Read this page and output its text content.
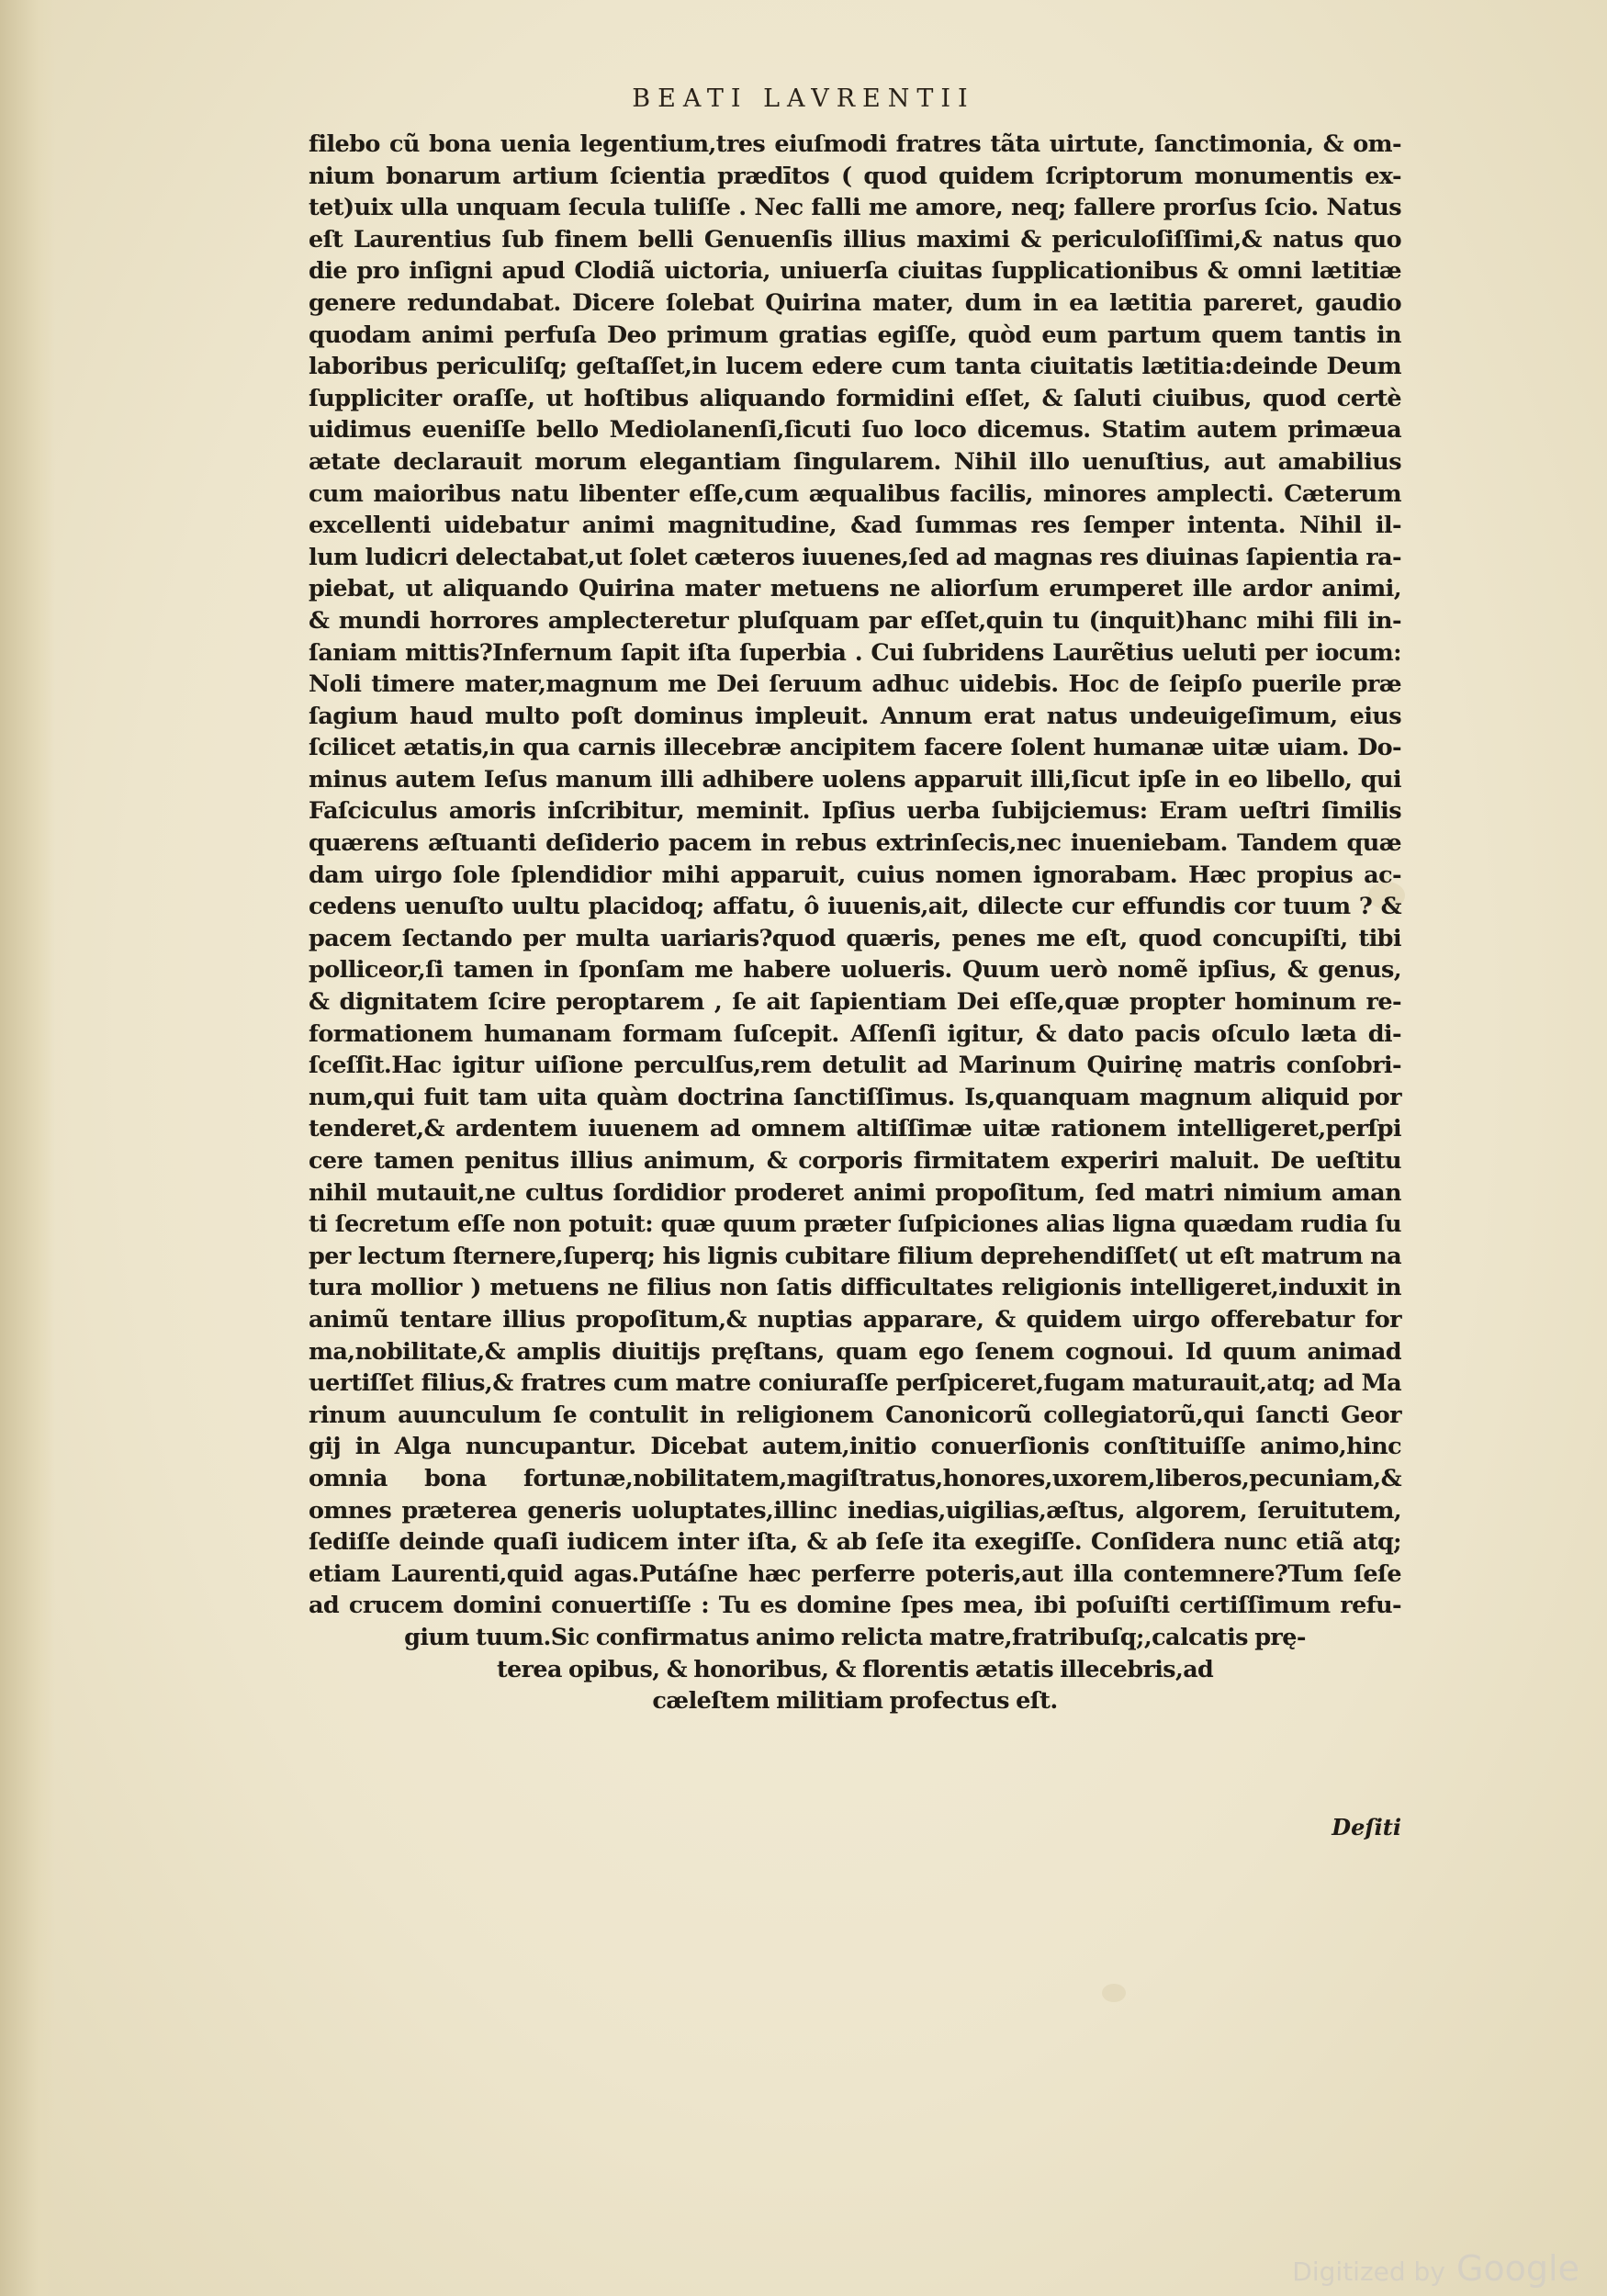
BEATI LAVRENTII
filebo cũ bona uenia legentium,tres eiuſmodi fratres tãta uirtute, ſanctimonia, & om-
nium bonarum artium ſcientia prædītos ( quod quidem ſcriptorum monumentis ex-
tet)uix ulla unquam ſecula tuliſſe . Nec falli me amore, neq; fallere prorſus ſcio. Natus
eſt Laurentius ſub finem belli Genuenſis illius maximi & periculoſiſſimi,& natus quo
die pro inſigni apud Clodiã uictoria, uniuerſa ciuitas ſupplicationibus & omni lætitiæ
genere redundabat. Dicere ſolebat Quirina mater, dum in ea lætitia pareret, gaudio
quodam animi perfuſa Deo primum gratias egiſſe, quòd eum partum quem tantis in
laboribus periculiſq; geſtaſſet,in lucem edere cum tanta ciuitatis lætitia:deinde Deum
ſuppliciter oraſſe, ut hoſtibus aliquando formidini eſſet, & ſaluti ciuibus, quod certè
uidimus eueniſſe bello Mediolanenſi,ſicuti ſuo loco dicemus. Statim autem primæua
ætate declarauit morum elegantiam ſingularem. Nihil illo uenuſtius, aut amabilius
cum maioribus natu libenter eſſe,cum æqualibus facilis, minores amplecti. Cæterum
excellenti uidebatur animi magnitudine, &ad ſummas res ſemper intenta. Nihil il-
lum ludicri delectabat,ut ſolet cæteros iuuenes,ſed ad magnas res diuinas ſapientia ra-
piebat, ut aliquando Quirina mater metuens ne aliorſum erumperet ille ardor animi,
& mundi horrores amplecteretur pluſquam par eſſet,quin tu (inquit)hanc mihi fili in-
ſaniam mittis?Infernum ſapit iſta ſuperbia . Cui ſubridens Laurẽtius ueluti per iocum:
Noli timere mater,magnum me Dei ſeruum adhuc uidebis. Hoc de ſeipſo puerile præ
ſagium haud multo poſt dominus impleuit. Annum erat natus undeuigeſimum, eius
ſcilicet ætatis,in qua carnis illecebræ ancipitem facere ſolent humanæ uitæ uiam. Do-
minus autem Ieſus manum illi adhibere uolens apparuit illi,ſicut ipſe in eo libello, qui
Faſciculus amoris inſcribitur, meminit. Ipſius uerba ſubijciemus: Eram ueſtri ſimilis
quærens æſtuanti deſiderio pacem in rebus extrinſecis,nec inueniebam. Tandem quæ
dam uirgo ſole ſplendidior mihi apparuit, cuius nomen ignorabam. Hæc propius ac-
cedens uenuſto uultu placidoq; affatu, ô iuuenis,ait, dilecte cur effundis cor tuum ? &
pacem ſectando per multa uariaris?quod quæris, penes me eſt, quod concupiſti, tibi
polliceor,ſi tamen in ſponſam me habere uolueris. Quum uerò nomẽ ipſius, & genus,
& dignitatem ſcire peroptarem , ſe ait ſapientiam Dei eſſe,quæ propter hominum re-
formationem humanam formam ſuſcepit. Aſſenſi igitur, & dato pacis oſculo læta di-
ſceſſit.Hac igitur uiſione perculſus,rem detulit ad Marinum Quirinę matris conſobri-
num,qui fuit tam uita quàm doctrina ſanctiſſimus. Is,quanquam magnum aliquid por
tenderet,& ardentem iuuenem ad omnem altiſſimæ uitæ rationem intelligeret,perſpi
cere tamen penitus illius animum, & corporis firmitatem experiri maluit. De ueſtitu
nihil mutauit,ne cultus ſordidior proderet animi propoſitum, ſed matri nimium aman
ti ſecretum eſſe non potuit: quæ quum præter ſuſpiciones alias ligna quædam rudia ſu
per lectum ſternere,ſuperq; his lignis cubitare filium deprehendiſſet( ut eſt matrum na
tura mollior ) metuens ne filius non ſatis difficultates religionis intelligeret,induxit in
animũ tentare illius propoſitum,& nuptias apparare, & quidem uirgo offerebatur for
ma,nobilitate,& amplis diuitijs pręſtans, quam ego ſenem cognoui. Id quum animad
uertiſſet filius,& fratres cum matre coniuraſſe perſpiceret,fugam maturauit,atq; ad Ma
rinum auunculum ſe contulit in religionem Canonicorũ collegiatorũ,qui ſancti Geor
gij in Alga nuncupantur. Dicebat autem,initio conuerſionis conſtituiſſe animo,hinc
omnia bona fortunæ,nobilitatem,magiſtratus,honores,uxorem,liberos,pecuniam,&
omnes præterea generis uoluptates,illinc inedias,uigilias,æſtus, algorem, ſeruitutem,
ſediſſe deinde quaſi iudicem inter iſta, & ab ſeſe ita exegiſſe. Conſidera nunc etiã atq;
etiam Laurenti,quid agas.Putáſne hæc perferre poteris,aut illa contemnere?Tum ſeſe
ad crucem domini conuertiſſe : Tu es domine ſpes mea, ibi poſuiſti certiſſimum refu-
gium tuum.Sic confirmatus animo relicta matre,fratribuſq;,calcatis prę-
terea opibus, & honoribus, & florentis ætatis illecebris,ad
cæleſtem militiam profectus eſt.
Deſiti
Digitized by Google
